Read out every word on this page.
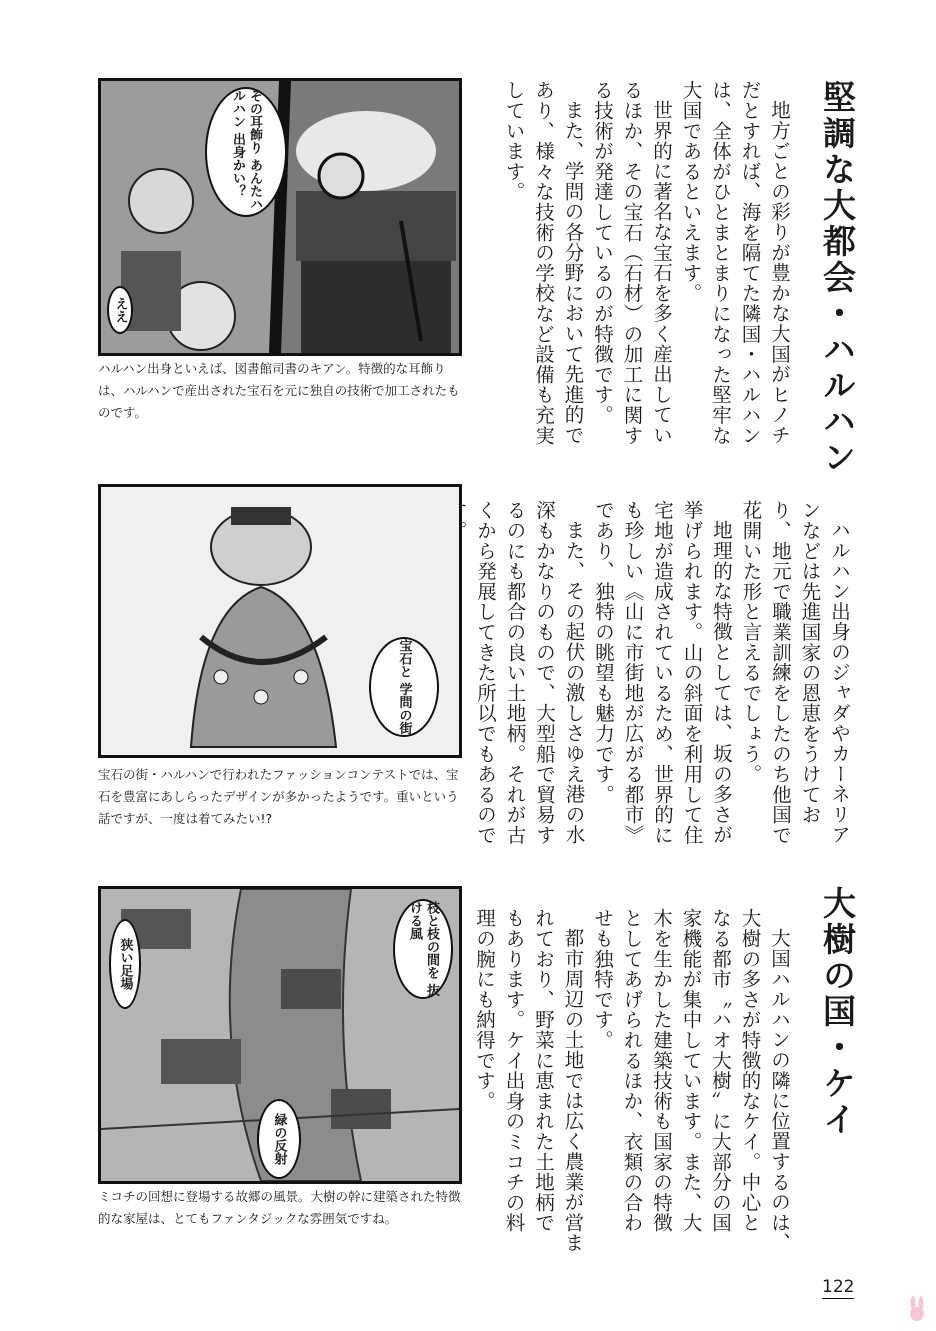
堅調な大都会・ハルハン

地方ごとの彩りが豊かな大国がヒノチだとすれば、海を隔てた隣国・ハルハンは、全体がひとまとまりになった堅牢な大国であるといえます。

世界的に著名な宝石を多く産出しているほか、その宝石（石材）の加工に関する技術が発達しているのが特徴です。

また、学問の各分野において先進的であり、様々な技術の学校など設備も充実しています。

ハルハン出身のジャダやカーネリアンなどは先進国家の恩恵をうけており、地元で職業訓練をしたのち他国で花開いた形と言えるでしょう。

地理的な特徴としては、坂の多さが挙げられます。山の斜面を利用して住宅地が造成されているため、世界的にも珍しい《山に市街地が広がる都市》であり、独特の眺望も魅力です。

また、その起伏の激しさゆえ港の水深もかなりのもので、大型船で貿易するのにも都合の良い土地柄。それが古くから発展してきた所以でもあるので

大樹の国・ケイ

大国ハルハンの隣に位置するのは、大樹の多さが特徴的なケイ。中心となる都市〝ハオ大樹〟に大部分の国家機能が集中しています。また、大木を生かした建築技術も国家の特徴としてあげられるほか、衣類の合わせも独特です。

都市周辺の土地では広く農業が営まれており、野菜に恵まれた土地柄でもあります。ケイ出身のミコチの料理の腕にも納得です。

その耳飾り あんたハルハン 出身かい？
ええ

ハルハン出身といえば、図書館司書のキアン。特徴的な耳飾りは、ハルハンで産出された宝石を元に独自の技術で加工されたものです。

宝石と 学問の街

宝石の街・ハルハンで行われたファッションコンテストでは、宝石を豊富にあしらったデザインが多かったようです。重いという話ですが、一度は着てみたい!?

枝と枝の間を 抜ける風
狭い足場
緑の反射

ミコチの回想に登場する故郷の風景。大樹の幹に建築された特徴的な家屋は、とてもファンタジックな雰囲気ですね。

122
